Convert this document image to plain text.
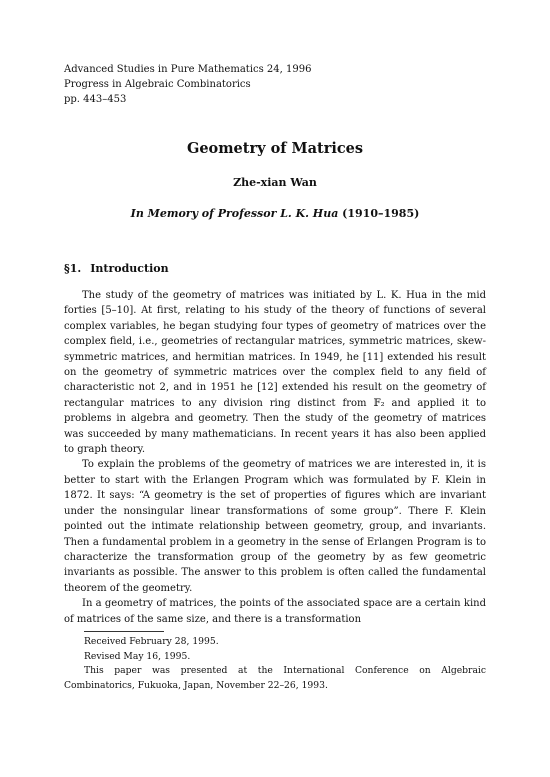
Advanced Studies in Pure Mathematics 24, 1996
Progress in Algebraic Combinatorics
pp. 443–453
Geometry of Matrices
Zhe-xian Wan
In Memory of Professor L. K. Hua (1910–1985)
§1. Introduction

The study of the geometry of matrices was initiated by L. K. Hua in the mid forties [5–10]. At first, relating to his study of the theory of functions of several complex variables, he began studying four types of geometry of matrices over the complex field, i.e., geometries of rectangular matrices, symmetric matrices, skew-symmetric matrices, and hermitian matrices. In 1949, he [11] extended his result on the geometry of symmetric matrices over the complex field to any field of characteristic not 2, and in 1951 he [12] extended his result on the geometry of rectangular matrices to any division ring distinct from 𝔽₂ and applied it to problems in algebra and geometry. Then the study of the geometry of matrices was succeeded by many mathematicians. In recent years it has also been applied to graph theory.

To explain the problems of the geometry of matrices we are interested in, it is better to start with the Erlangen Program which was formulated by F. Klein in 1872. It says: “A geometry is the set of properties of figures which are invariant under the nonsingular linear transformations of some group”. There F. Klein pointed out the intimate relationship between geometry, group, and invariants. Then a fundamental problem in a geometry in the sense of Erlangen Program is to characterize the transformation group of the geometry by as few geometric invariants as possible. The answer to this problem is often called the fundamental theorem of the geometry.

In a geometry of matrices, the points of the associated space are a certain kind of matrices of the same size, and there is a transformation

Received February 28, 1995.

Revised May 16, 1995.

This paper was presented at the International Conference on Algebraic Combinatorics, Fukuoka, Japan, November 22–26, 1993.
